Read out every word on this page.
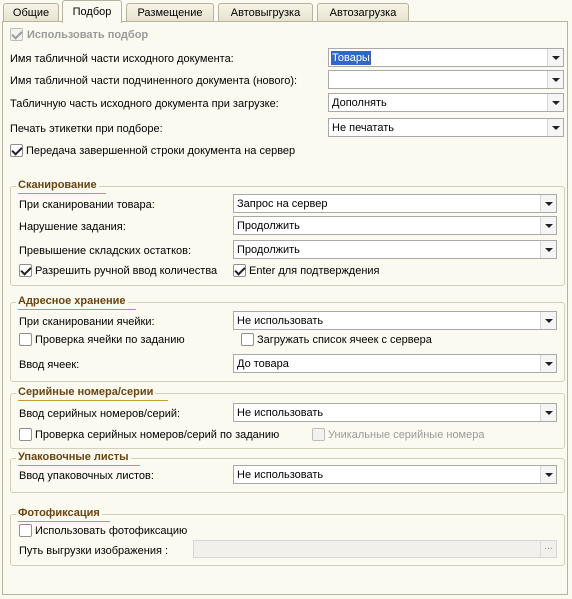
Общие	Подбор	Размещение	Автовыгрузка	Автозагрузка
Использовать подбор
Имя табличной части исходного документа:	Товары
Имя табличной части подчиненного документа (нового):
Табличную часть исходного документа при загрузке:	Дополнять
Печать этикетки при подборе:	Не печатать
Передача завершенной строки документа на сервер
Сканирование
При сканировании товара:	Запрос на сервер
Нарушение задания:	Продолжить
Превышение складских остатков:	Продолжить
Разрешить ручной ввод количества	Enter для подтверждения
Адресное хранение
При сканировании ячейки:	Не использовать
Проверка ячейки по заданию	Загружать список ячеек с сервера
Ввод ячеек:	До товара
Серийные номера/серии
Ввод серийных номеров/серий:	Не использовать
Проверка серийных номеров/серий по заданию	Уникальные серийные номера
Упаковочные листы
Ввод упаковочных листов:	Не использовать
Фотофиксация
Использовать фотофиксацию
Путь выгрузки изображения :	...
